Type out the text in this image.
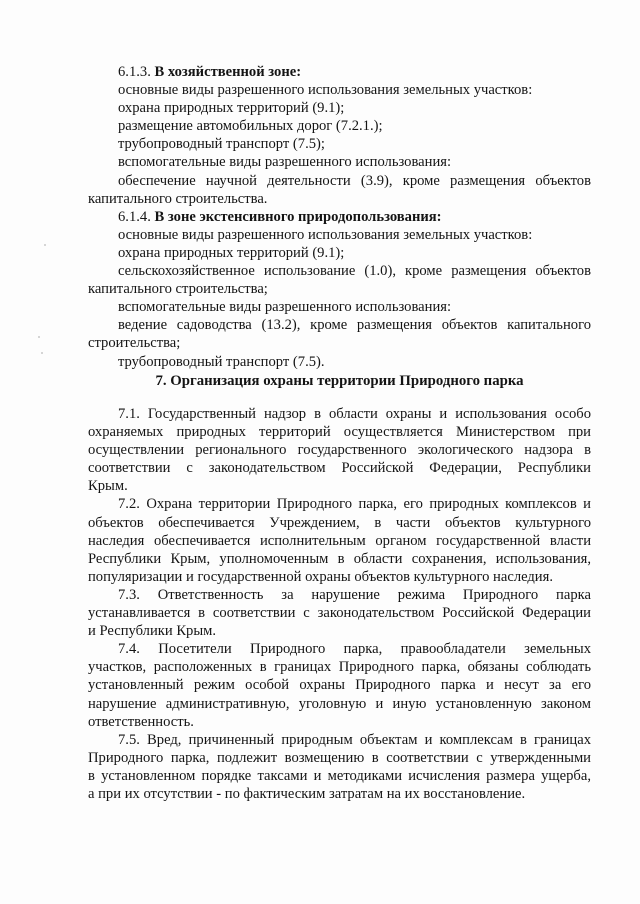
6.1.3. В хозяйственной зоне:
основные виды разрешенного использования земельных участков:
охрана природных территорий (9.1);
размещение автомобильных дорог (7.2.1.);
трубопроводный транспорт (7.5);
вспомогательные виды разрешенного использования:
обеспечение научной деятельности (3.9), кроме размещения объектов
капитального строительства.
6.1.4. В зоне экстенсивного природопользования:
основные виды разрешенного использования земельных участков:
охрана природных территорий (9.1);
сельскохозяйственное использование (1.0), кроме размещения объектов
капитального строительства;
вспомогательные виды разрешенного использования:
ведение садоводства (13.2), кроме размещения объектов капитального
строительства;
трубопроводный транспорт (7.5).
7. Организация охраны территории Природного парка
7.1. Государственный надзор в области охраны и использования особо
охраняемых природных территорий осуществляется Министерством при
осуществлении регионального государственного экологического надзора в
соответствии с законодательством Российской Федерации, Республики
Крым.
7.2. Охрана территории Природного парка, его природных комплексов и
объектов обеспечивается Учреждением, в части объектов культурного
наследия обеспечивается исполнительным органом государственной власти
Республики Крым, уполномоченным в области сохранения, использования,
популяризации и государственной охраны объектов культурного наследия.
7.3. Ответственность за нарушение режима Природного парка
устанавливается в соответствии с законодательством Российской Федерации
и Республики Крым.
7.4. Посетители Природного парка, правообладатели земельных
участков, расположенных в границах Природного парка, обязаны соблюдать
установленный режим особой охраны Природного парка и несут за его
нарушение административную, уголовную и иную установленную законом
ответственность.
7.5. Вред, причиненный природным объектам и комплексам в границах
Природного парка, подлежит возмещению в соответствии с утвержденными
в установленном порядке таксами и методиками исчисления размера ущерба,
а при их отсутствии - по фактическим затратам на их восстановление.
